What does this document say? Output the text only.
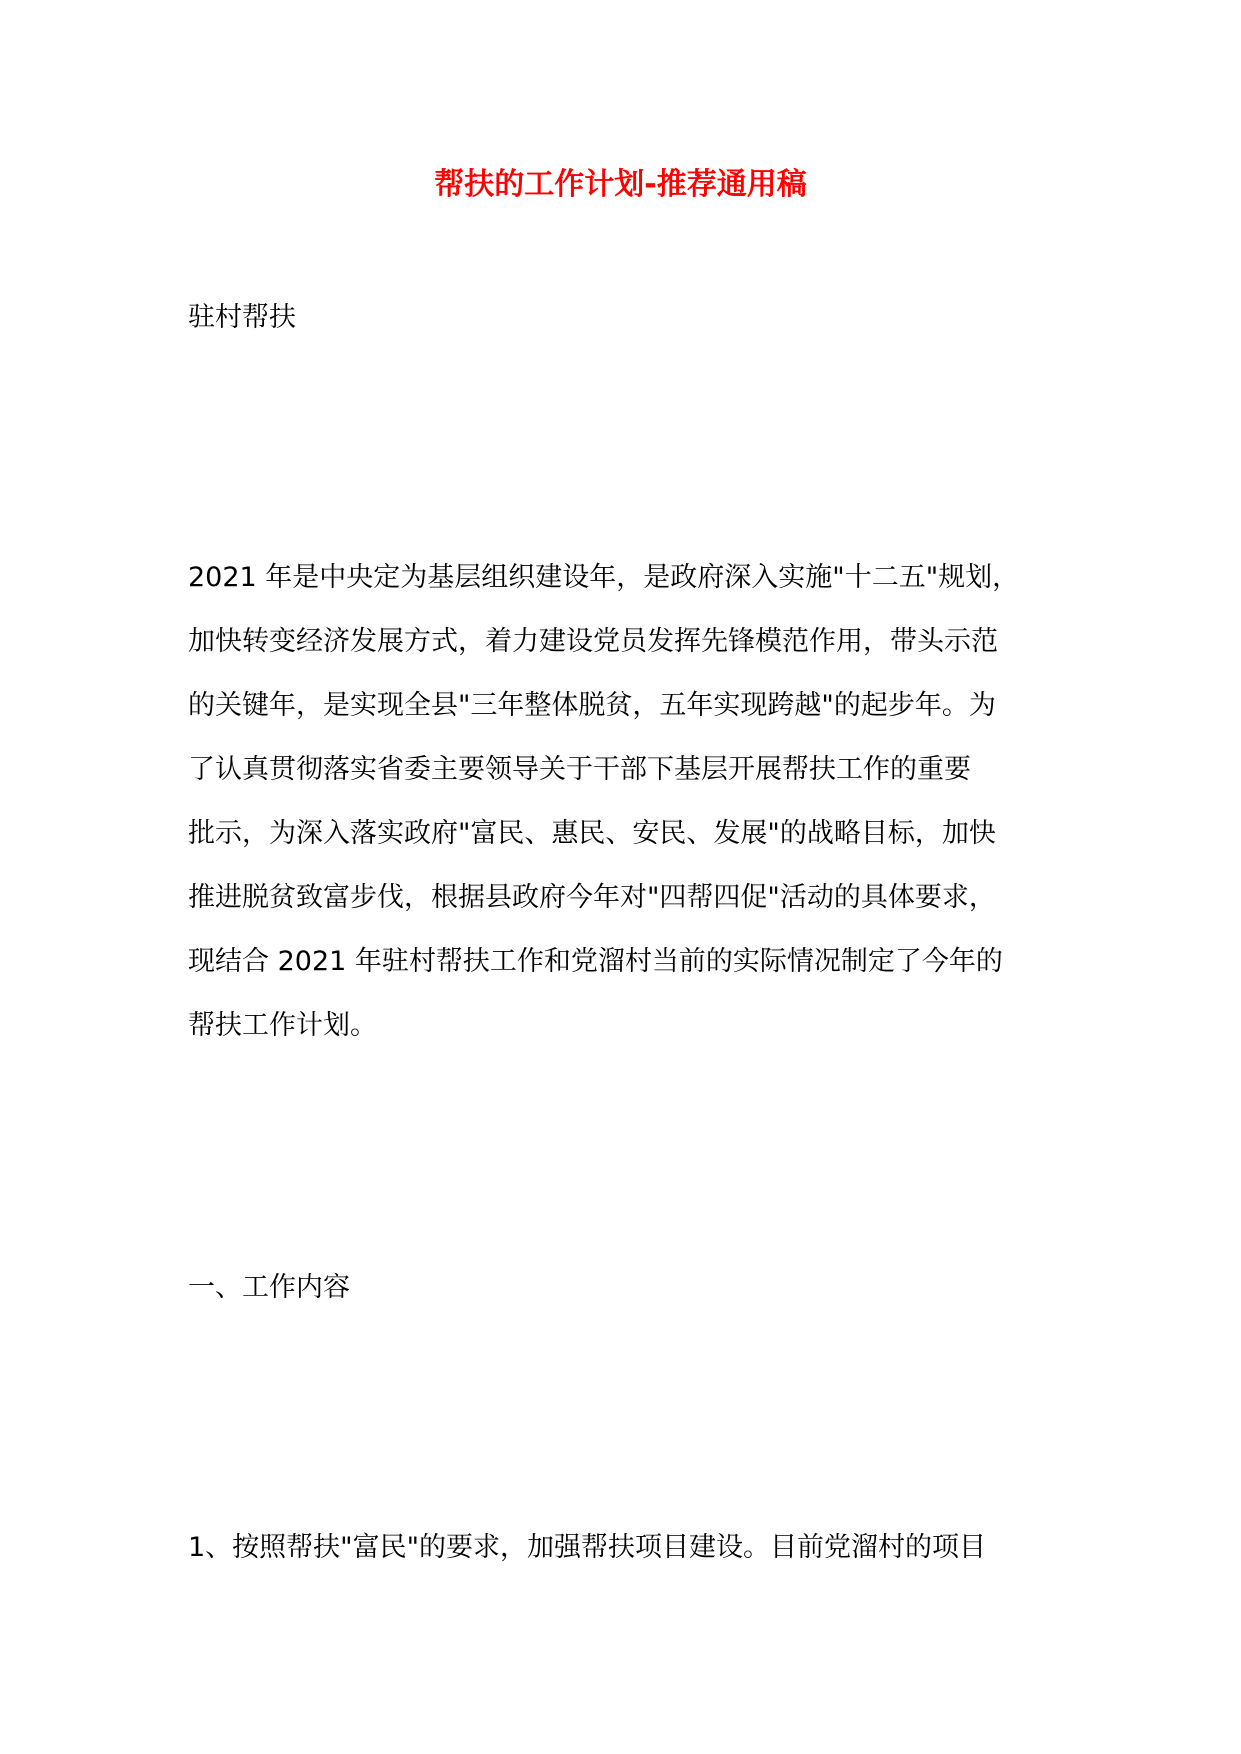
帮扶的工作计划-推荐通用稿
驻村帮扶
2021 年是中央定为基层组织建设年，是政府深入实施"十二五"规划，
加快转变经济发展方式，着力建设党员发挥先锋模范作用，带头示范
的关键年，是实现全县"三年整体脱贫，五年实现跨越"的起步年。为
了认真贯彻落实省委主要领导关于干部下基层开展帮扶工作的重要
批示，为深入落实政府"富民、惠民、安民、发展"的战略目标，加快
推进脱贫致富步伐，根据县政府今年对"四帮四促"活动的具体要求，
现结合 2021 年驻村帮扶工作和党溜村当前的实际情况制定了今年的
帮扶工作计划。
一、工作内容
1、按照帮扶"富民"的要求，加强帮扶项目建设。目前党溜村的项目
